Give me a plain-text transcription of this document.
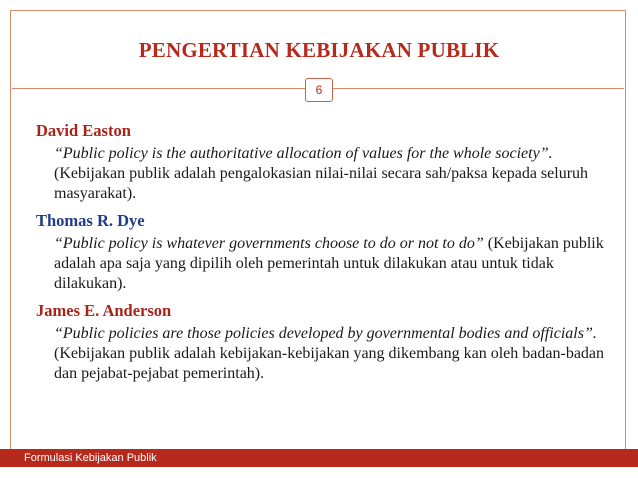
PENGERTIAN KEBIJAKAN PUBLIK
6

David Easton

“Public policy is the authoritative allocation of values for the whole society”. (Kebijakan publik adalah pengalokasian nilai-nilai secara sah/paksa kepada seluruh masyarakat).

Thomas R. Dye

“Public policy is whatever governments choose to do or not to do” (Kebijakan publik adalah apa saja yang dipilih oleh pemerintah untuk dilakukan atau untuk tidak dilakukan).

James E. Anderson

“Public policies are those policies developed by governmental bodies and officials”. (Kebijakan publik adalah kebijakan-kebijakan yang dikembang kan oleh badan-badan dan pejabat-pejabat pemerintah).

Formulasi Kebijakan Publik
